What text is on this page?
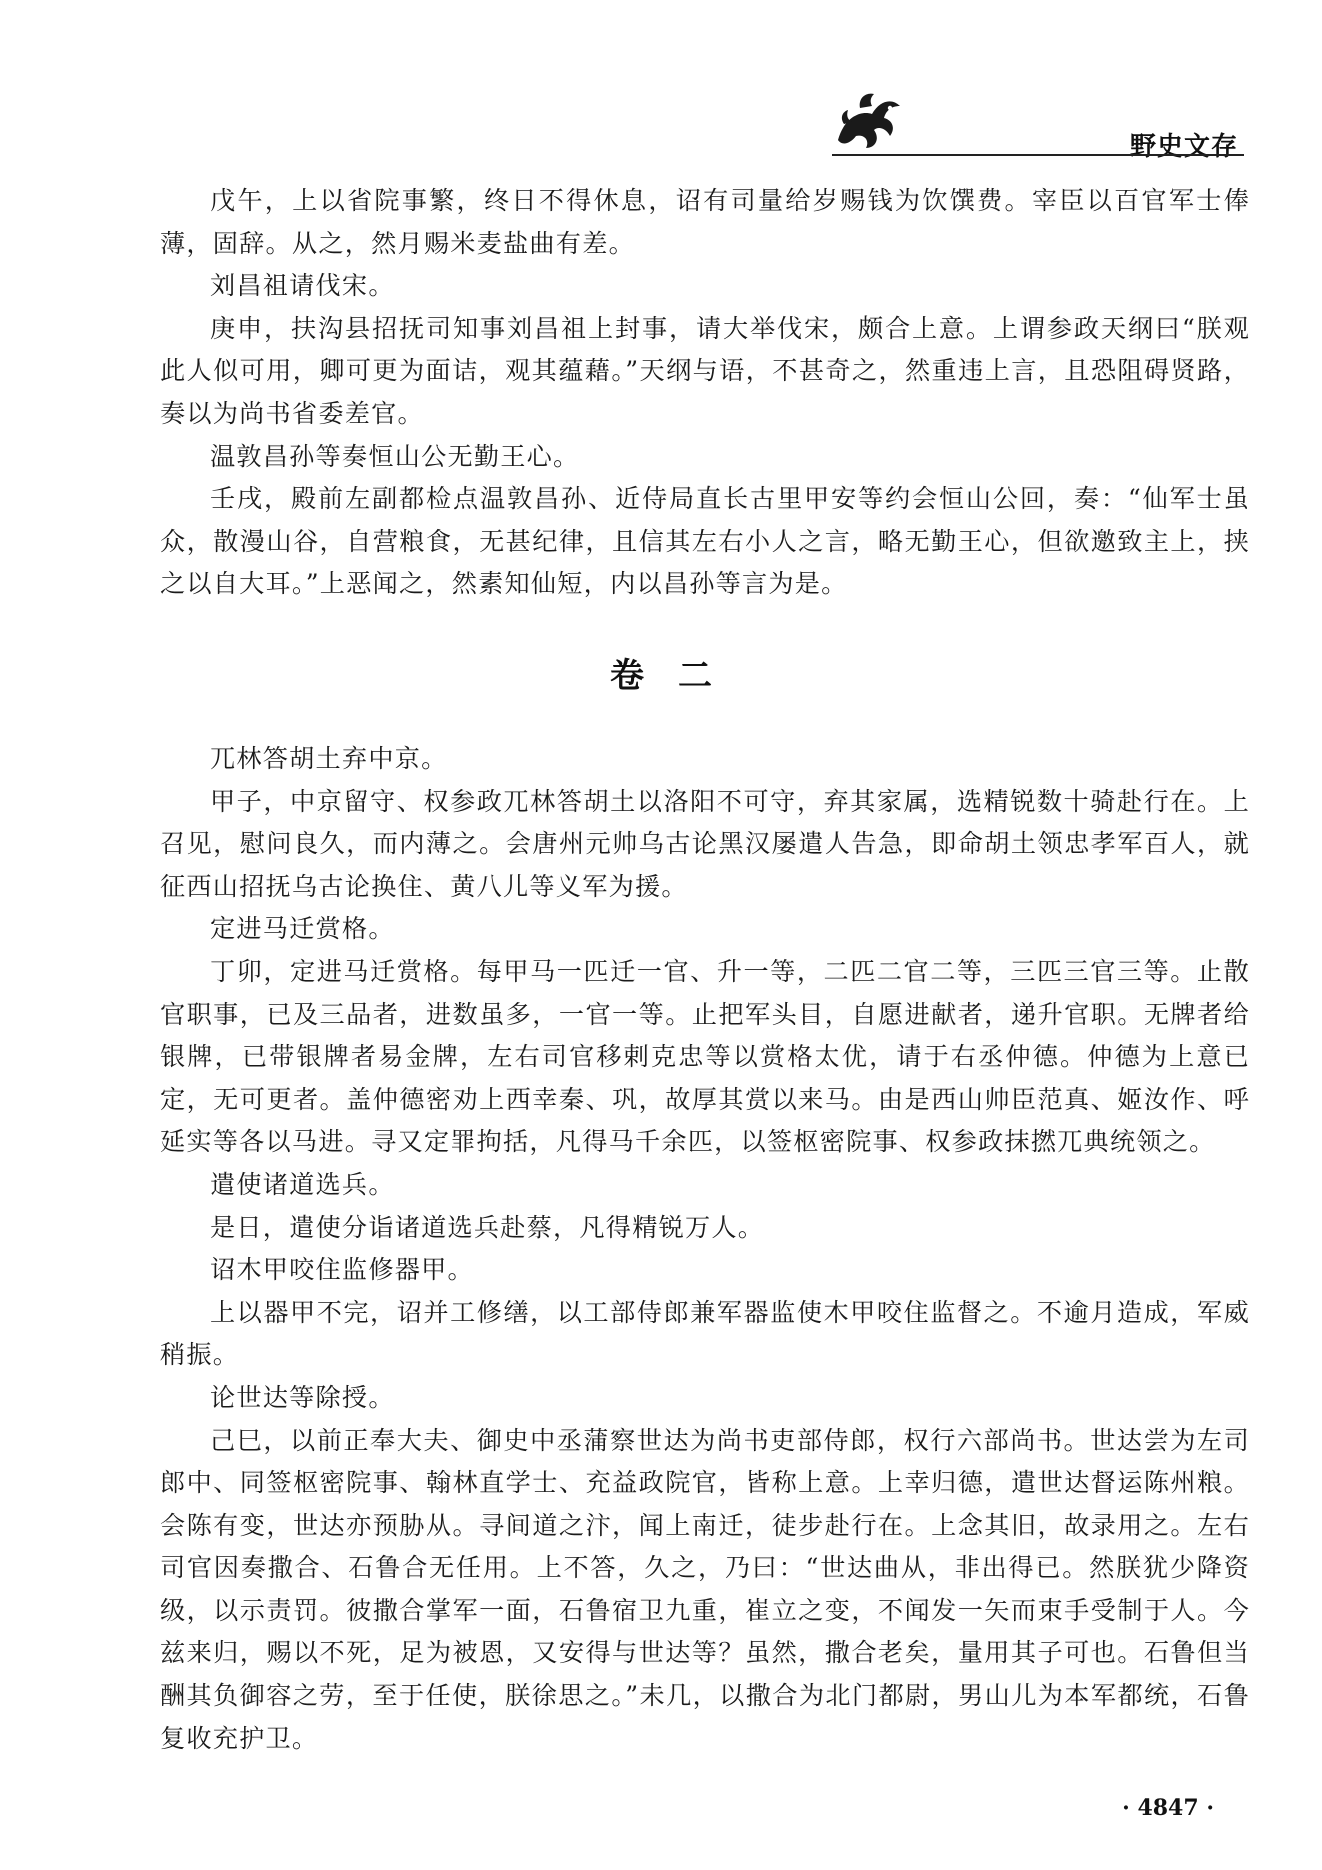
野史文存

戊午，上以省院事繁，终日不得休息，诏有司量给岁赐钱为饮馔费。宰臣以百官军士俸薄，固辞。从之，然月赐米麦盐曲有差。

刘昌祖请伐宋。

庚申，扶沟县招抚司知事刘昌祖上封事，请大举伐宋，颇合上意。上谓参政天纲曰“朕观此人似可用，卿可更为面诘，观其蕴藉。”天纲与语，不甚奇之，然重违上言，且恐阻碍贤路，奏以为尚书省委差官。

温敦昌孙等奏恒山公无勤王心。

壬戌，殿前左副都检点温敦昌孙、近侍局直长古里甲安等约会恒山公回，奏：“仙军士虽众，散漫山谷，自营粮食，无甚纪律，且信其左右小人之言，略无勤王心，但欲邀致主上，挟之以自大耳。”上恶闻之，然素知仙短，内以昌孙等言为是。

卷　二

兀林答胡土弃中京。

甲子，中京留守、权参政兀林答胡土以洛阳不可守，弃其家属，选精锐数十骑赴行在。上召见，慰问良久，而内薄之。会唐州元帅乌古论黑汉屡遣人告急，即命胡土领忠孝军百人，就征西山招抚乌古论换住、黄八儿等义军为援。

定进马迁赏格。

丁卯，定进马迁赏格。每甲马一匹迁一官、升一等，二匹二官二等，三匹三官三等。止散官职事，已及三品者，进数虽多，一官一等。止把军头目，自愿进献者，递升官职。无牌者给银牌，已带银牌者易金牌，左右司官移剌克忠等以赏格太优，请于右丞仲德。仲德为上意已定，无可更者。盖仲德密劝上西幸秦、巩，故厚其赏以来马。由是西山帅臣范真、姬汝作、呼延实等各以马进。寻又定罪拘括，凡得马千余匹，以签枢密院事、权参政抹撚兀典统领之。

遣使诸道选兵。

是日，遣使分诣诸道选兵赴蔡，凡得精锐万人。

诏木甲咬住监修器甲。

上以器甲不完，诏并工修缮，以工部侍郎兼军器监使木甲咬住监督之。不逾月造成，军威稍振。

论世达等除授。

己巳，以前正奉大夫、御史中丞蒲察世达为尚书吏部侍郎，权行六部尚书。世达尝为左司郎中、同签枢密院事、翰林直学士、充益政院官，皆称上意。上幸归德，遣世达督运陈州粮。会陈有变，世达亦预胁从。寻间道之汴，闻上南迁，徒步赴行在。上念其旧，故录用之。左右司官因奏撒合、石鲁合无任用。上不答，久之，乃曰：“世达曲从，非出得已。然朕犹少降资级，以示责罚。彼撒合掌军一面，石鲁宿卫九重，崔立之变，不闻发一矢而束手受制于人。今兹来归，赐以不死，足为被恩，又安得与世达等？虽然，撒合老矣，量用其子可也。石鲁但当酬其负御容之劳，至于任使，朕徐思之。”未几，以撒合为北门都尉，男山儿为本军都统，石鲁复收充护卫。

· 4847 ·
